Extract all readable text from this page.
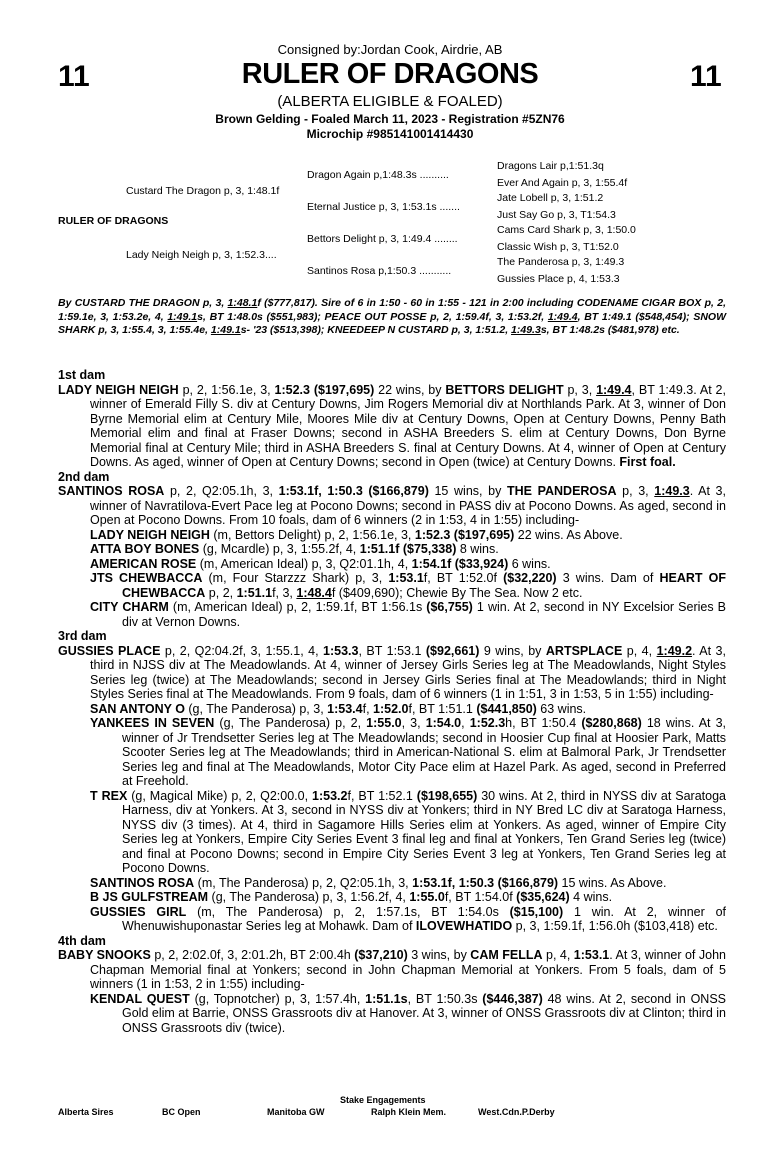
Consigned by:Jordan Cook, Airdrie, AB
11	RULER OF DRAGONS	11
(ALBERTA ELIGIBLE & FOALED)
Brown Gelding - Foaled March 11, 2023 - Registration #5ZN76
Microchip #985141001414430
RULER OF DRAGONS
Custard The Dragon p, 3, 1:48.1f
Lady Neigh Neigh p, 3, 1:52.3....
Dragon Again p,1:48.3s ..........
Eternal Justice p, 3, 1:53.1s .......
Bettors Delight p, 3, 1:49.4 ........
Santinos Rosa p,1:50.3 ...........
Dragons Lair p,1:51.3q
Ever And Again p, 3, 1:55.4f
Jate Lobell p, 3, 1:51.2
Just Say Go p, 3, T1:54.3
Cams Card Shark p, 3, 1:50.0
Classic Wish p, 3, T1:52.0
The Panderosa p, 3, 1:49.3
Gussies Place p, 4, 1:53.3
By CUSTARD THE DRAGON p, 3, 1:48.1f ($777,817). Sire of 6 in 1:50 - 60 in 1:55 - 121 in 2:00 including CODENAME CIGAR BOX p, 2, 1:59.1e, 3, 1:53.2e, 4, 1:49.1s, BT 1:48.0s ($551,983); PEACE OUT POSSE p, 2, 1:59.4f, 3, 1:53.2f, 1:49.4, BT 1:49.1 ($548,454); SNOW SHARK p, 3, 1:55.4, 3, 1:55.4e, 1:49.1s- '23 ($513,398); KNEEDEEP N CUSTARD p, 3, 1:51.2, 1:49.3s, BT 1:48.2s ($481,978) etc.
1st dam
LADY NEIGH NEIGH p, 2, 1:56.1e, 3, 1:52.3 ($197,695) 22 wins, by BETTORS DELIGHT p, 3, 1:49.4, BT 1:49.3. At 2, winner of Emerald Filly S. div at Century Downs, Jim Rogers Memorial div at Northlands Park. At 3, winner of Don Byrne Memorial elim at Century Mile, Moores Mile div at Century Downs, Open at Century Downs, Penny Bath Memorial elim and final at Fraser Downs; second in ASHA Breeders S. elim at Century Downs, Don Byrne Memorial final at Century Mile; third in ASHA Breeders S. final at Century Downs. At 4, winner of Open at Century Downs. As aged, winner of Open at Century Downs; second in Open (twice) at Century Downs. First foal.
2nd dam
SANTINOS ROSA p, 2, Q2:05.1h, 3, 1:53.1f, 1:50.3 ($166,879) 15 wins, by THE PANDEROSA p, 3, 1:49.3. At 3, winner of Navratilova-Evert Pace leg at Pocono Downs; second in PASS div at Pocono Downs. As aged, second in Open at Pocono Downs. From 10 foals, dam of 6 winners (2 in 1:53, 4 in 1:55) including-
LADY NEIGH NEIGH (m, Bettors Delight) p, 2, 1:56.1e, 3, 1:52.3 ($197,695) 22 wins. As Above.
ATTA BOY BONES (g, Mcardle) p, 3, 1:55.2f, 4, 1:51.1f ($75,338) 8 wins.
AMERICAN ROSE (m, American Ideal) p, 3, Q2:01.1h, 4, 1:54.1f ($33,924) 6 wins.
JTS CHEWBACCA (m, Four Starzzz Shark) p, 3, 1:53.1f, BT 1:52.0f ($32,220) 3 wins. Dam of HEART OF CHEWBACCA p, 2, 1:51.1f, 3, 1:48.4f ($409,690); Chewie By The Sea. Now 2 etc.
CITY CHARM (m, American Ideal) p, 2, 1:59.1f, BT 1:56.1s ($6,755) 1 win. At 2, second in NY Excelsior Series B div at Vernon Downs.
3rd dam
GUSSIES PLACE p, 2, Q2:04.2f, 3, 1:55.1, 4, 1:53.3, BT 1:53.1 ($92,661) 9 wins, by ARTSPLACE p, 4, 1:49.2. At 3, third in NJSS div at The Meadowlands. At 4, winner of Jersey Girls Series leg at The Meadowlands, Night Styles Series leg (twice) at The Meadowlands; second in Jersey Girls Series final at The Meadowlands; third in Night Styles Series final at The Meadowlands. From 9 foals, dam of 6 winners (1 in 1:51, 3 in 1:53, 5 in 1:55) including-
SAN ANTONY O (g, The Panderosa) p, 3, 1:53.4f, 1:52.0f, BT 1:51.1 ($441,850) 63 wins.
YANKEES IN SEVEN (g, The Panderosa) p, 2, 1:55.0, 3, 1:54.0, 1:52.3h, BT 1:50.4 ($280,868) 18 wins. At 3, winner of Jr Trendsetter Series leg at The Meadowlands; second in Hoosier Cup final at Hoosier Park, Matts Scooter Series leg at The Meadowlands; third in American-National S. elim at Balmoral Park, Jr Trendsetter Series leg and final at The Meadowlands, Motor City Pace elim at Hazel Park. As aged, second in Preferred at Freehold.
T REX (g, Magical Mike) p, 2, Q2:00.0, 1:53.2f, BT 1:52.1 ($198,655) 30 wins. At 2, third in NYSS div at Saratoga Harness, div at Yonkers. At 3, second in NYSS div at Yonkers; third in NY Bred LC div at Saratoga Harness, NYSS div (3 times). At 4, third in Sagamore Hills Series elim at Yonkers. As aged, winner of Empire City Series leg at Yonkers, Empire City Series Event 3 final leg and final at Yonkers, Ten Grand Series leg (twice) and final at Pocono Downs; second in Empire City Series Event 3 leg at Yonkers, Ten Grand Series leg at Pocono Downs.
SANTINOS ROSA (m, The Panderosa) p, 2, Q2:05.1h, 3, 1:53.1f, 1:50.3 ($166,879) 15 wins. As Above.
B JS GULFSTREAM (g, The Panderosa) p, 3, 1:56.2f, 4, 1:55.0f, BT 1:54.0f ($35,624) 4 wins.
GUSSIES GIRL (m, The Panderosa) p, 2, 1:57.1s, BT 1:54.0s ($15,100) 1 win. At 2, winner of Whenuwishuponastar Series leg at Mohawk. Dam of ILOVEWHATIDO p, 3, 1:59.1f, 1:56.0h ($103,418) etc.
4th dam
BABY SNOOKS p, 2, 2:02.0f, 3, 2:01.2h, BT 2:00.4h ($37,210) 3 wins, by CAM FELLA p, 4, 1:53.1. At 3, winner of John Chapman Memorial final at Yonkers; second in John Chapman Memorial at Yonkers. From 5 foals, dam of 5 winners (1 in 1:53, 2 in 1:55) including-
KENDAL QUEST (g, Topnotcher) p, 3, 1:57.4h, 1:51.1s, BT 1:50.3s ($446,387) 48 wins. At 2, second in ONSS Gold elim at Barrie, ONSS Grassroots div at Hanover. At 3, winner of ONSS Grassroots div at Clinton; third in ONSS Grassroots div (twice).
Stake Engagements
Alberta Sires	BC Open	Manitoba GW	Ralph Klein Mem.	West.Cdn.P.Derby
